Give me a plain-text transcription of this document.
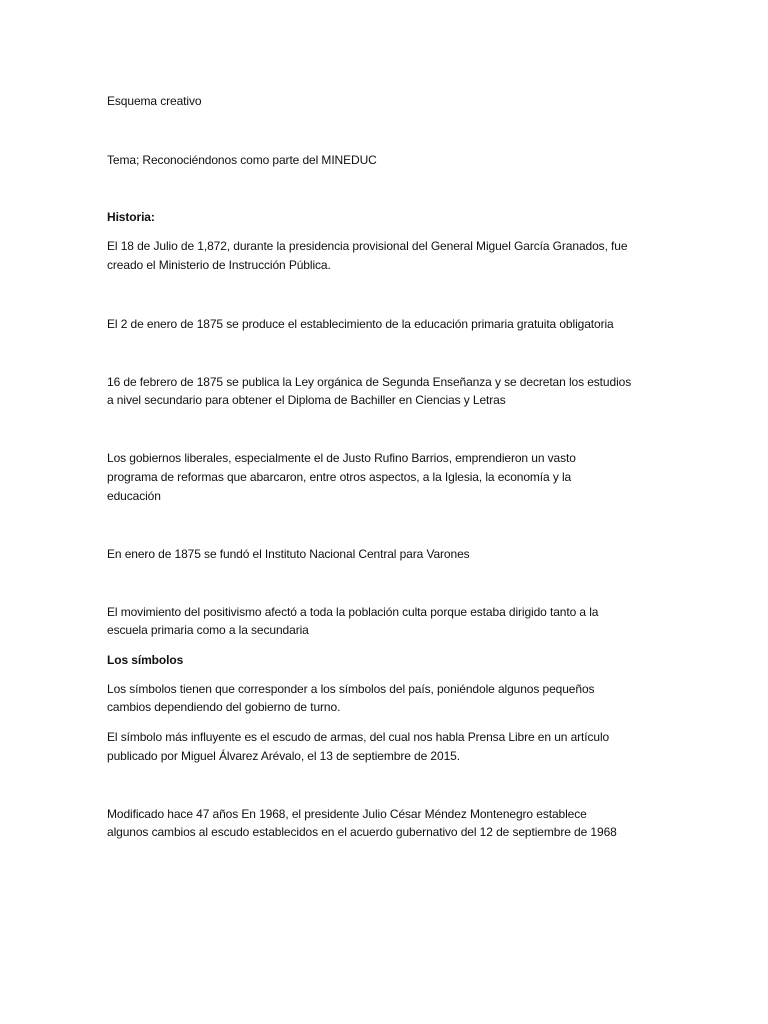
Esquema creativo
Tema; Reconociéndonos como parte del MINEDUC
Historia:
El 18 de Julio de 1,872, durante la presidencia provisional del General Miguel García Granados, fue
creado el Ministerio de Instrucción Pública.
El 2 de enero de 1875 se produce el establecimiento de la educación primaria gratuita obligatoria
16 de febrero de 1875 se publica la Ley orgánica de Segunda Enseñanza y se decretan los estudios
a nivel secundario para obtener el Diploma de Bachiller en Ciencias y Letras
Los gobiernos liberales, especialmente el de Justo Rufino Barrios, emprendieron un vasto
programa de reformas que abarcaron, entre otros aspectos, a la Iglesia, la economía y la
educación
En enero de 1875 se fundó el Instituto Nacional Central para Varones
El movimiento del positivismo afectó a toda la población culta porque estaba dirigido tanto a la
escuela primaria como a la secundaria
Los símbolos
Los símbolos tienen que corresponder a los símbolos del país, poniéndole algunos pequeños
cambios dependiendo del gobierno de turno.
El símbolo más influyente es el escudo de armas, del cual nos habla Prensa Libre en un artículo
publicado por Miguel Álvarez Arévalo, el 13 de septiembre de 2015.
Modificado hace 47 años En 1968, el presidente Julio César Méndez Montenegro establece
algunos cambios al escudo establecidos en el acuerdo gubernativo del 12 de septiembre de 1968
